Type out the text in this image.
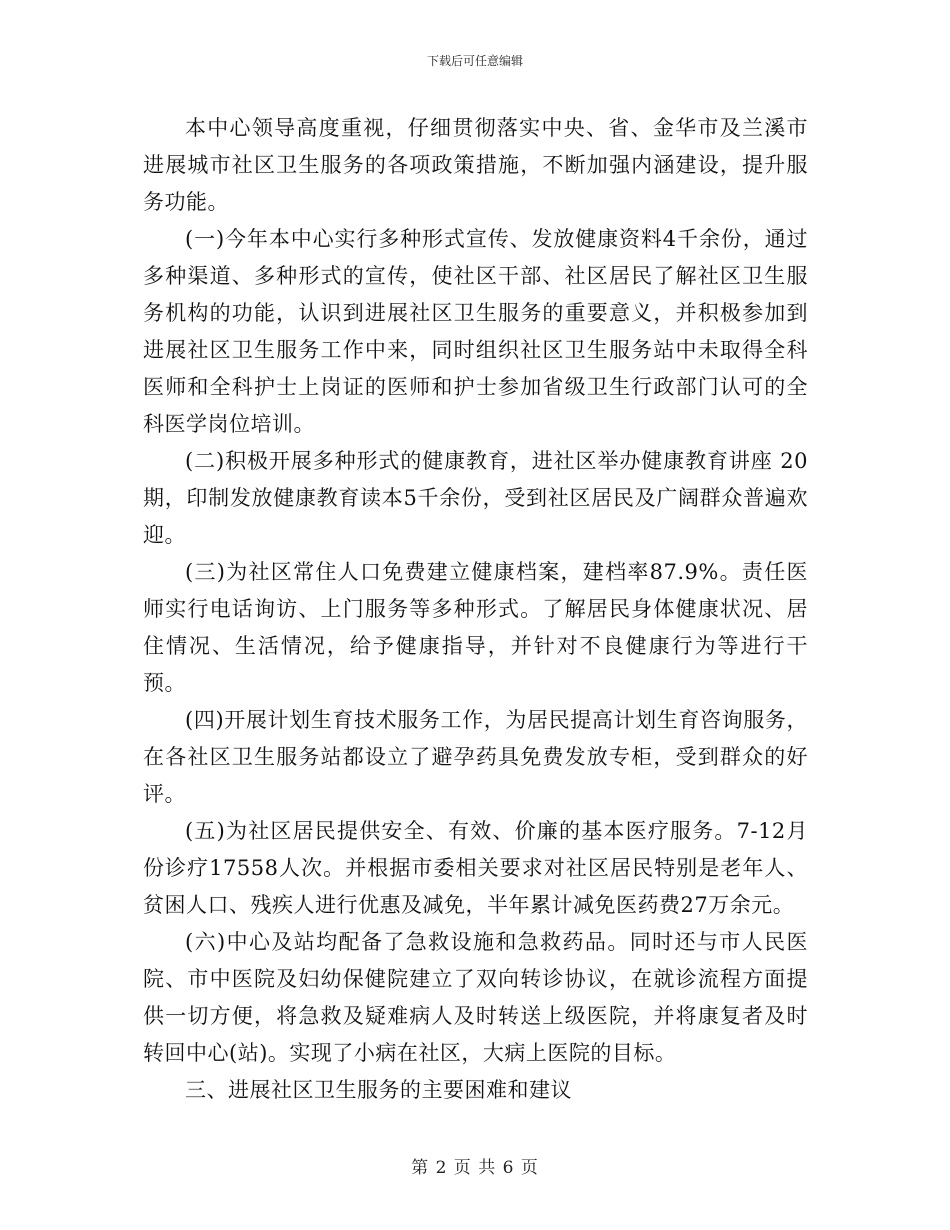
下载后可任意编辑

本中心领导高度重视，仔细贯彻落实中央、省、金华市及兰溪市进展城市社区卫生服务的各项政策措施，不断加强内涵建设，提升服务功能。

(一)今年本中心实行多种形式宣传、发放健康资料4千余份，通过多种渠道、多种形式的宣传，使社区干部、社区居民了解社区卫生服务机构的功能，认识到进展社区卫生服务的重要意义，并积极参加到进展社区卫生服务工作中来，同时组织社区卫生服务站中未取得全科医师和全科护士上岗证的医师和护士参加省级卫生行政部门认可的全科医学岗位培训。

(二)积极开展多种形式的健康教育，进社区举办健康教育讲座 20期，印制发放健康教育读本5千余份，受到社区居民及广阔群众普遍欢迎。

(三)为社区常住人口免费建立健康档案，建档率87.9%。责任医师实行电话询访、上门服务等多种形式。了解居民身体健康状况、居住情况、生活情况，给予健康指导，并针对不良健康行为等进行干预。

(四)开展计划生育技术服务工作，为居民提高计划生育咨询服务，在各社区卫生服务站都设立了避孕药具免费发放专柜，受到群众的好评。

(五)为社区居民提供安全、有效、价廉的基本医疗服务。7-12月份诊疗17558人次。并根据市委相关要求对社区居民特别是老年人、贫困人口、残疾人进行优惠及减免，半年累计减免医药费27万余元。

(六)中心及站均配备了急救设施和急救药品。同时还与市人民医院、市中医院及妇幼保健院建立了双向转诊协议，在就诊流程方面提供一切方便，将急救及疑难病人及时转送上级医院，并将康复者及时转回中心(站)。实现了小病在社区，大病上医院的目标。

三、进展社区卫生服务的主要困难和建议

第 2 页 共 6 页
